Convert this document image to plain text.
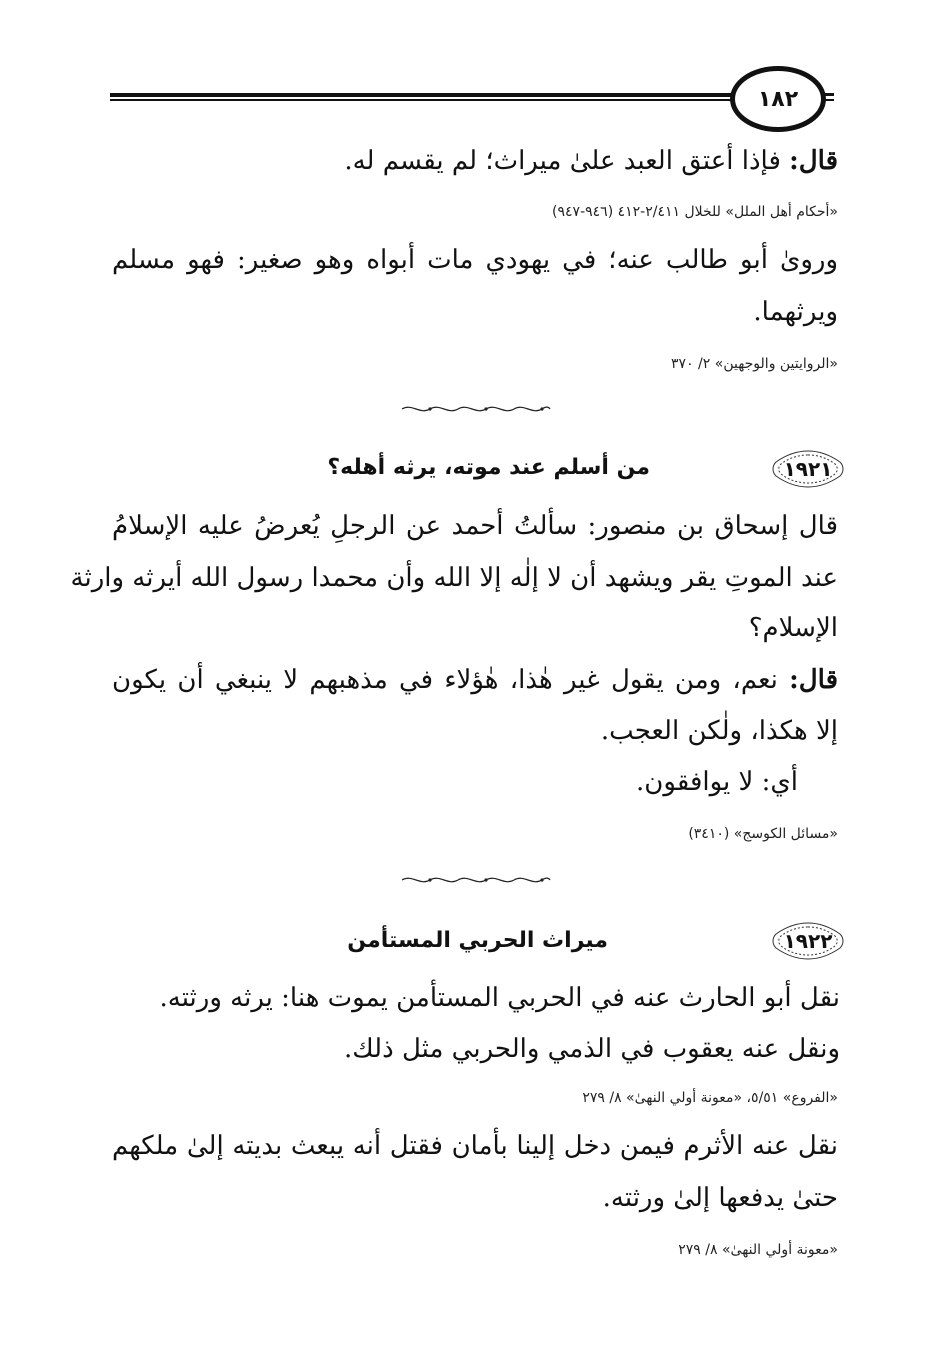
١٨٢
قال: فإذا أعتق العبد علىٰ ميراث؛ لم يقسم له.
«أحكام أهل الملل» للخلال ٢/٤١١-٤١٢ (٩٤٦-٩٤٧)
وروىٰ أبو طالب عنه؛ في يهودي مات أبواه وهو صغير: فهو مسلم
ويرثهما.
«الروايتين والوجهين» ٢/ ٣٧٠
١٩٢١
من أسلم عند موته، يرثه أهله؟
قال إسحاق بن منصور: سألتُ أحمد عن الرجلِ يُعرضُ عليه الإسلامُ
عند الموتِ يقر ويشهد أن لا إلٰه إلا الله وأن محمدا رسول الله أيرثه وارثة
الإسلام؟
قال: نعم، ومن يقول غير هٰذا، هٰؤلاء في مذهبهم لا ينبغي أن يكون
إلا هكذا، ولٰكن العجب.
أي: لا يوافقون.
«مسائل الكوسج» (٣٤١٠)
١٩٢٢
ميراث الحربي المستأمن
نقل أبو الحارث عنه في الحربي المستأمن يموت هنا: يرثه ورثته.
ونقل عنه يعقوب في الذمي والحربي مثل ذلك.
«الفروع» ٥/٥١، «معونة أولي النهىٰ» ٨/ ٢٧٩
نقل عنه الأثرم فيمن دخل إلينا بأمان فقتل أنه يبعث بديته إلىٰ ملكهم
حتىٰ يدفعها إلىٰ ورثته.
«معونة أولي النهىٰ» ٨/ ٢٧٩
